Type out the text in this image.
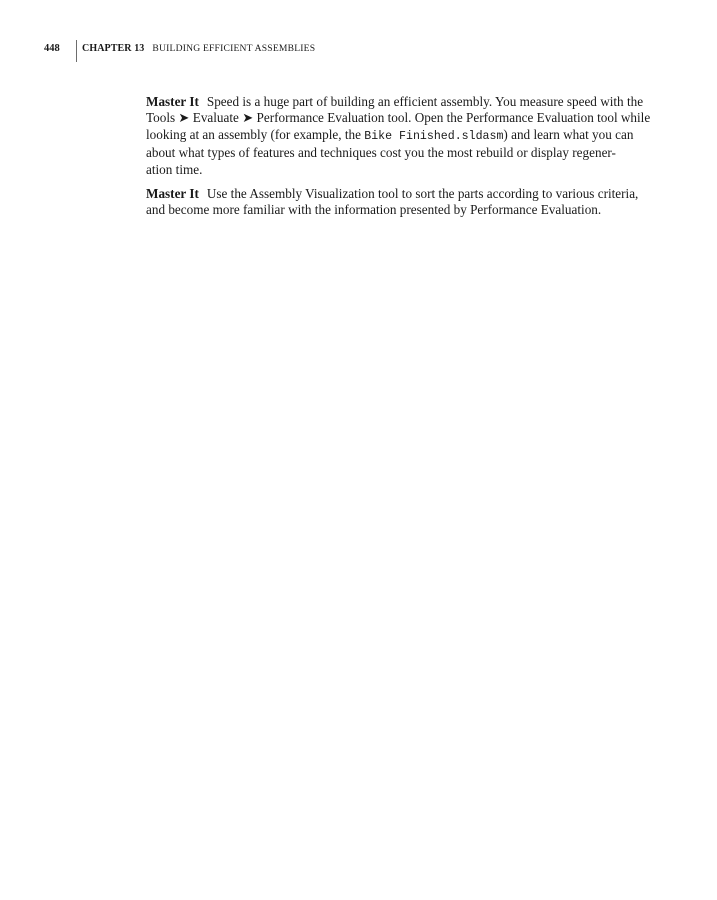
448	CHAPTER 13 BUILDING EFFICIENT ASSEMBLIES

Master It Speed is a huge part of building an efficient assembly. You measure speed with the
Tools ➤ Evaluate ➤ Performance Evaluation tool. Open the Performance Evaluation tool while
looking at an assembly (for example, the Bike Finished.sldasm) and learn what you can
about what types of features and techniques cost you the most rebuild or display regener-
ation time.

Master It Use the Assembly Visualization tool to sort the parts according to various criteria,
and become more familiar with the information presented by Performance Evaluation.
